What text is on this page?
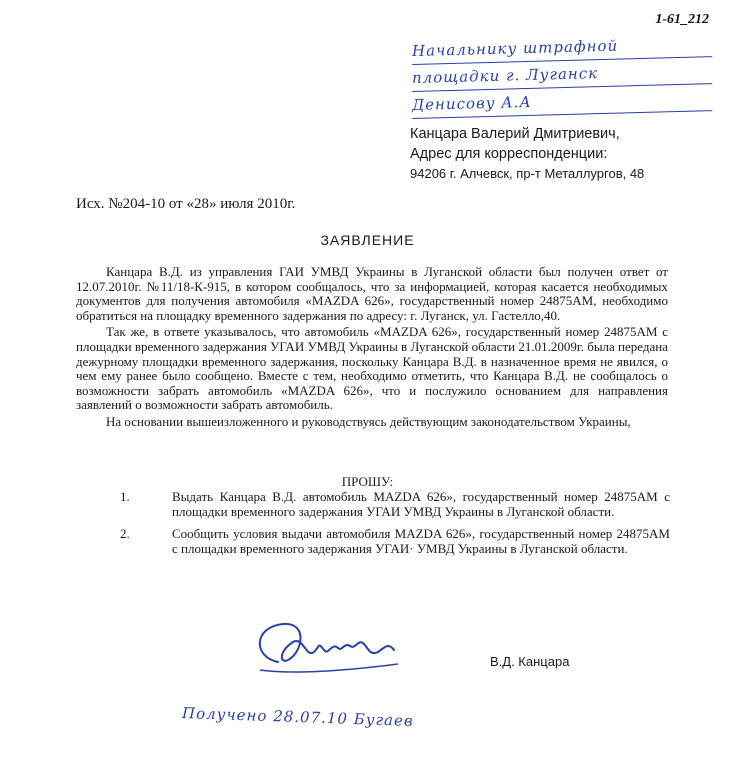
1-61_212
Начальнику штрафной
площадки г. Луганск
Денисову А.А
Канцара Валерий Дмитриевич,
Адрес для корреспонденции:
94206 г. Алчевск, пр-т Металлургов, 48
Исх. №204-10 от «28» июля 2010г.
ЗАЯВЛЕНИЕ

Канцара В.Д. из управления ГАИ УМВД Украины в Луганской области был получен ответ от 12.07.2010г. №11/18-К-915, в котором сообщалось, что за информацией, которая касается необходимых документов для получения автомобиля «MAZDA 626», государственный номер 24875АМ, необходимо обратиться на площадку временного задержания по адресу: г. Луганск, ул. Гастелло,40.

Так же, в ответе указывалось, что автомобиль «MAZDA 626», государственный номер 24875АМ с площадки временного задержания УГАИ УМВД Украины в Луганской области 21.01.2009г. была передана дежурному площадки временного задержания, поскольку Канцара В.Д. в назначенное время не явился, о чем ему ранее было сообщено. Вместе с тем, необходимо отметить, что Канцара В.Д. не сообщалось о возможности забрать автомобиль «MAZDA 626», что и послужило основанием для направления заявлений о возможности забрать автомобиль.

На основании вышеизложенного и руководствуясь действующим законодательством Украины,

ПРОШУ:
1.	Выдать Канцара В.Д. автомобиль MAZDA 626», государственный номер 24875АМ с площадки временного задержания УГАИ УМВД Украины в Луганской области.
2.	Сообщить условия выдачи автомобиля MAZDA 626», государственный номер 24875АМ с площадки временного задержания УГАИ· УМВД Украины в Луганской области.
В.Д. Канцара
Получено 28.07.10 Бугаев
